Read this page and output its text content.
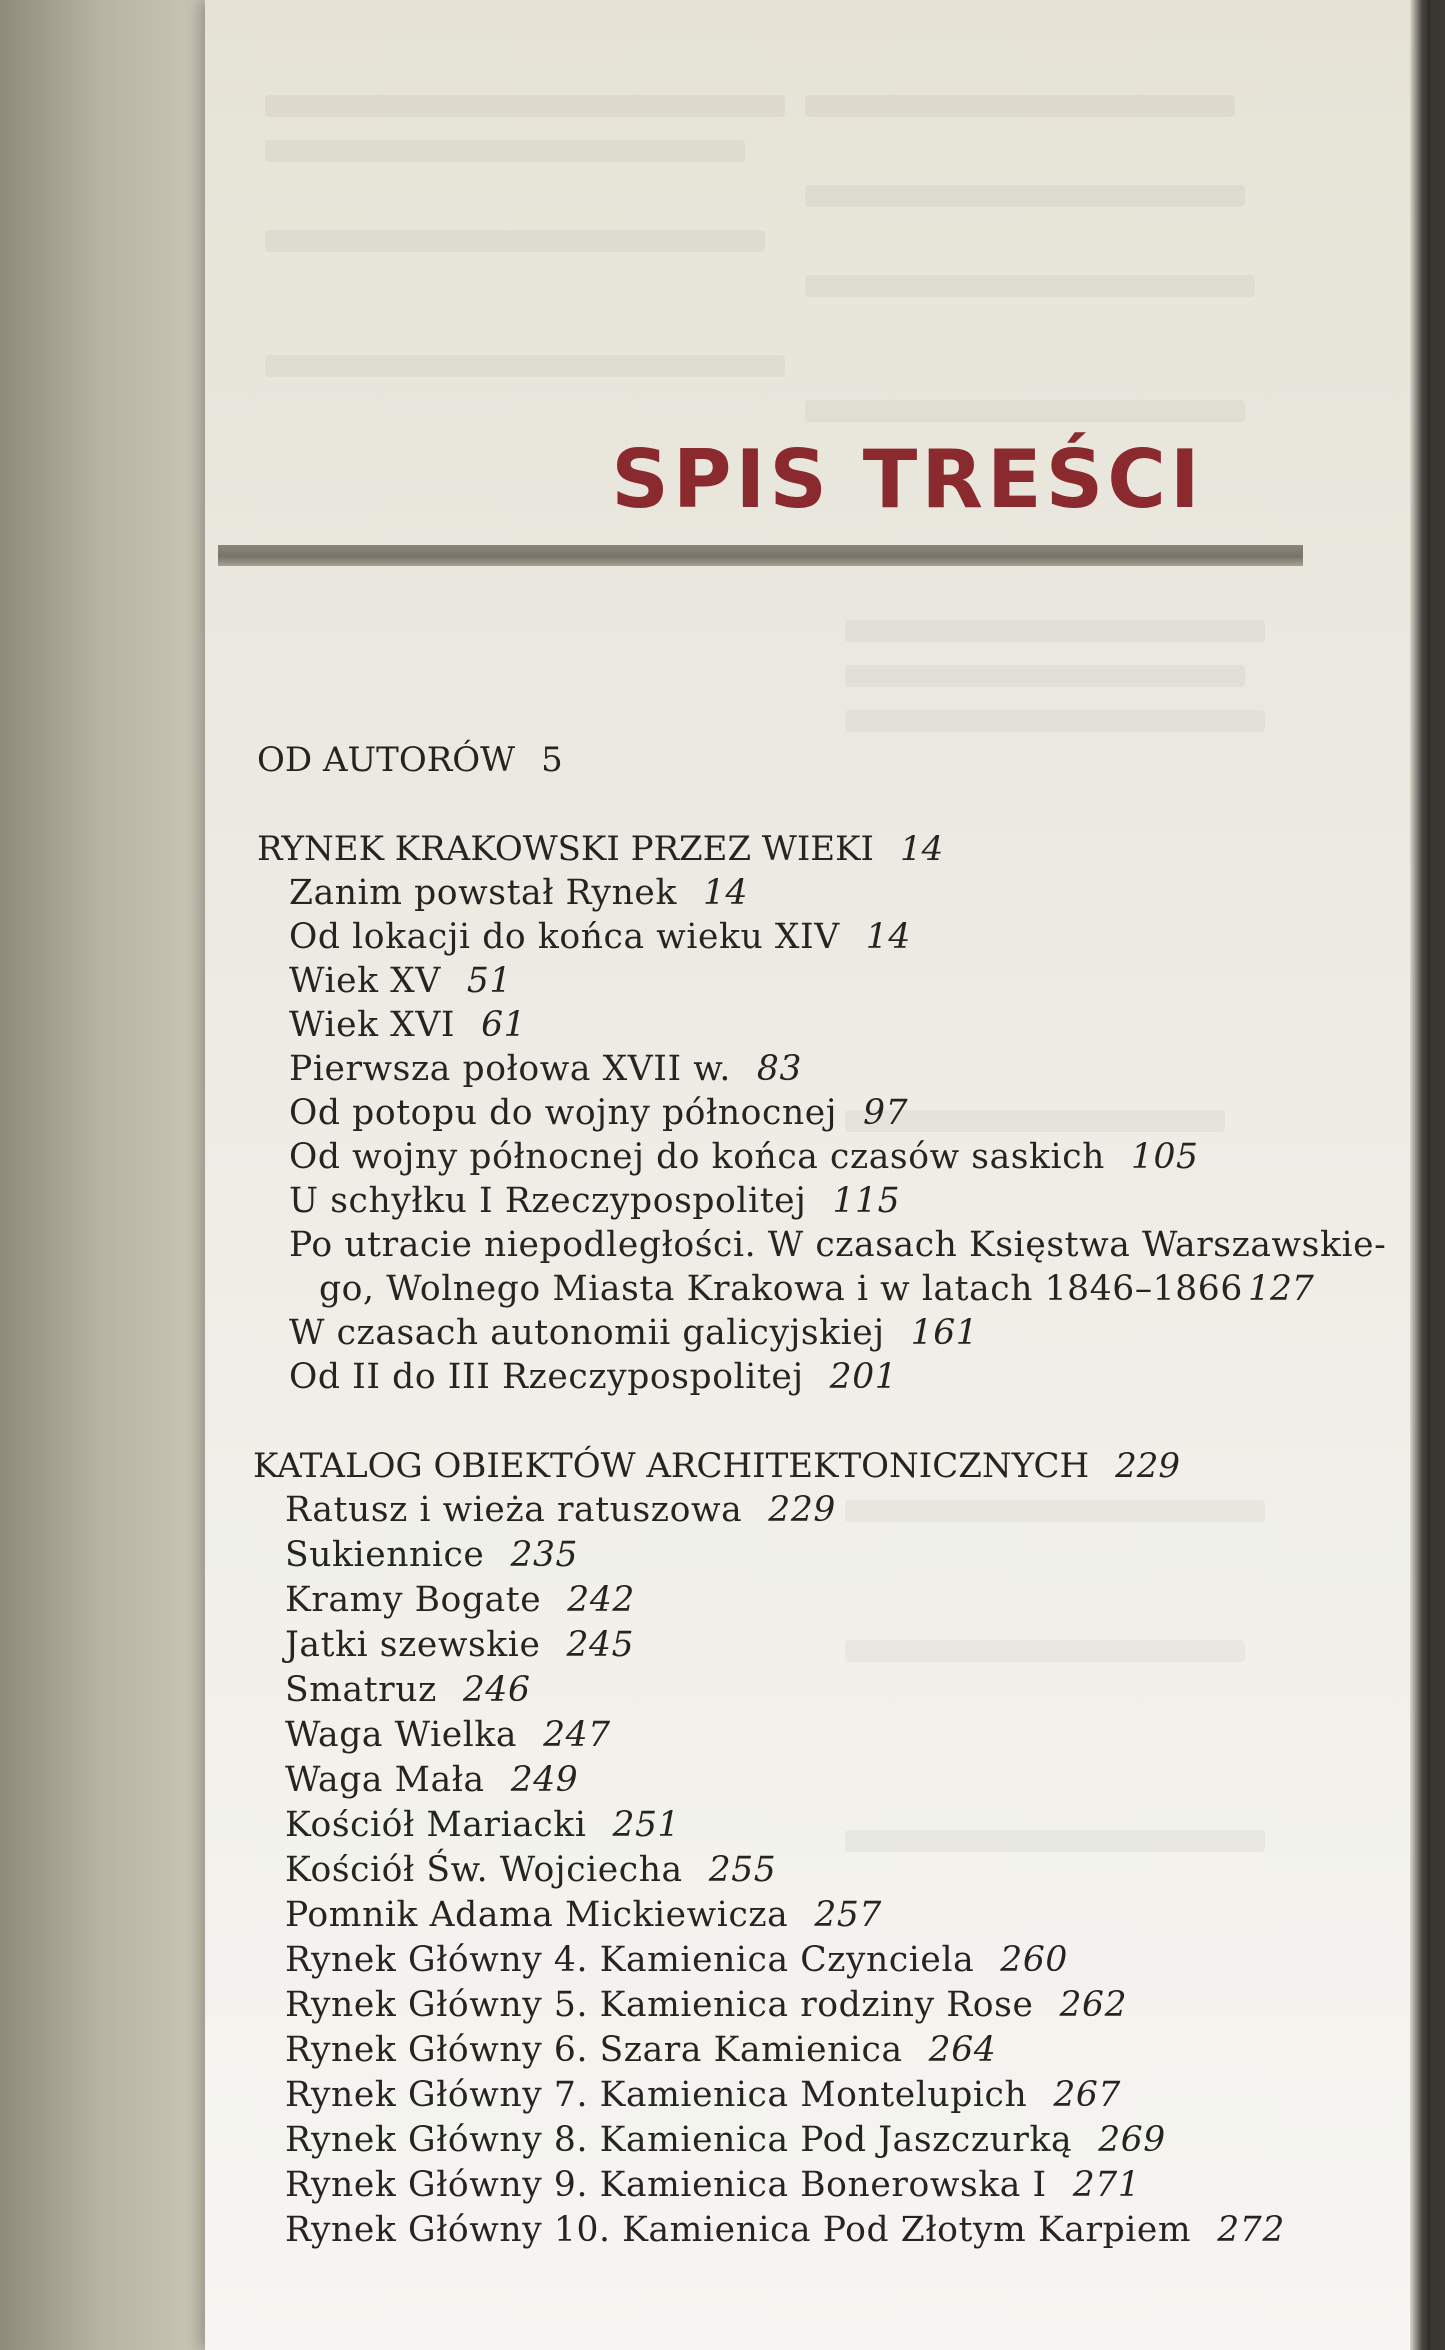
SPIS TREŚCI
OD AUTORÓW 5
RYNEK KRAKOWSKI PRZEZ WIEKI 14
Zanim powstał Rynek 14
Od lokacji do końca wieku XIV 14
Wiek XV 51
Wiek XVI 61
Pierwsza połowa XVII w. 83
Od potopu do wojny północnej 97
Od wojny północnej do końca czasów saskich 105
U schyłku I Rzeczypospolitej 115
Po utracie niepodległości. W czasach Księstwa Warszawskie-
go, Wolnego Miasta Krakowa i w latach 1846–1866 127
W czasach autonomii galicyjskiej 161
Od II do III Rzeczypospolitej 201
KATALOG OBIEKTÓW ARCHITEKTONICZNYCH 229
Ratusz i wieża ratuszowa 229
Sukiennice 235
Kramy Bogate 242
Jatki szewskie 245
Smatruz 246
Waga Wielka 247
Waga Mała 249
Kościół Mariacki 251
Kościół Św. Wojciecha 255
Pomnik Adama Mickiewicza 257
Rynek Główny 4. Kamienica Czynciela 260
Rynek Główny 5. Kamienica rodziny Rose 262
Rynek Główny 6. Szara Kamienica 264
Rynek Główny 7. Kamienica Montelupich 267
Rynek Główny 8. Kamienica Pod Jaszczurką 269
Rynek Główny 9. Kamienica Bonerowska I 271
Rynek Główny 10. Kamienica Pod Złotym Karpiem 272
